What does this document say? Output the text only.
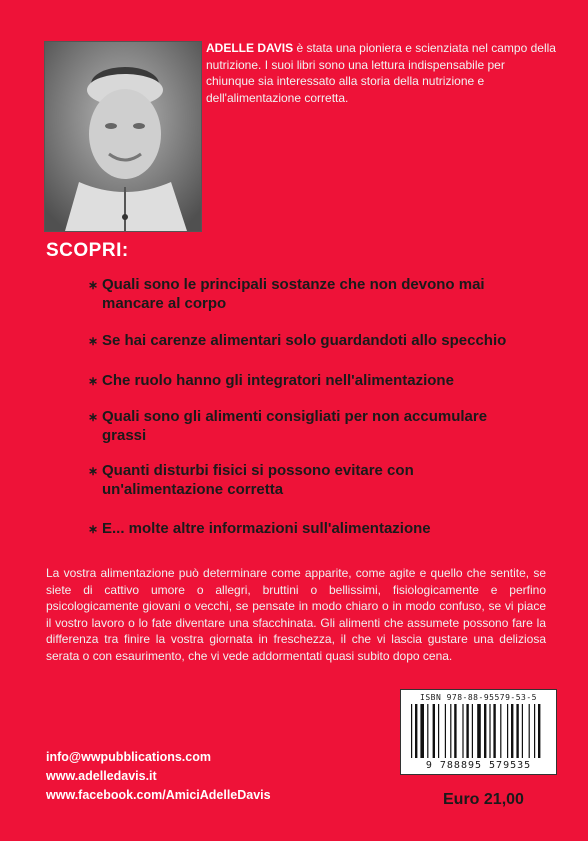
ADELLE DAVIS è stata una pioniera e scienziata nel campo della nutrizione. I suoi libri sono una lettura indispensabile per chiunque sia interessato alla storia della nutrizione e dell'alimentazione corretta.
SCOPRI:
∗ Quali sono le principali sostanze che non devono mai mancare al corpo
∗ Se hai carenze alimentari solo guardandoti allo specchio
∗ Che ruolo hanno gli integratori nell'alimentazione
∗ Quali sono gli alimenti consigliati per non accumulare grassi
∗ Quanti disturbi fisici si possono evitare con un'alimentazione corretta
∗ E... molte altre informazioni sull'alimentazione
La vostra alimentazione può determinare come apparite, come agite e quello che sentite, se siete di cattivo umore o allegri, bruttini o bellissimi, fisiologicamente e perfino psicologicamente giovani o vecchi, se pensate in modo chiaro o in modo confuso, se vi piace il vostro lavoro o lo fate diventare una sfacchinata. Gli alimenti che assumete possono fare la differenza tra finire la vostra giornata in freschezza, il che vi lascia gustare una deliziosa serata o con esaurimento, che vi vede addormentati quasi subito dopo cena.
ISBN 978-88-95579-53-5
9 788895 579535
info@wwpubblications.com
www.adelledavis.it
www.facebook.com/AmiciAdelleDavis	Euro 21,00
